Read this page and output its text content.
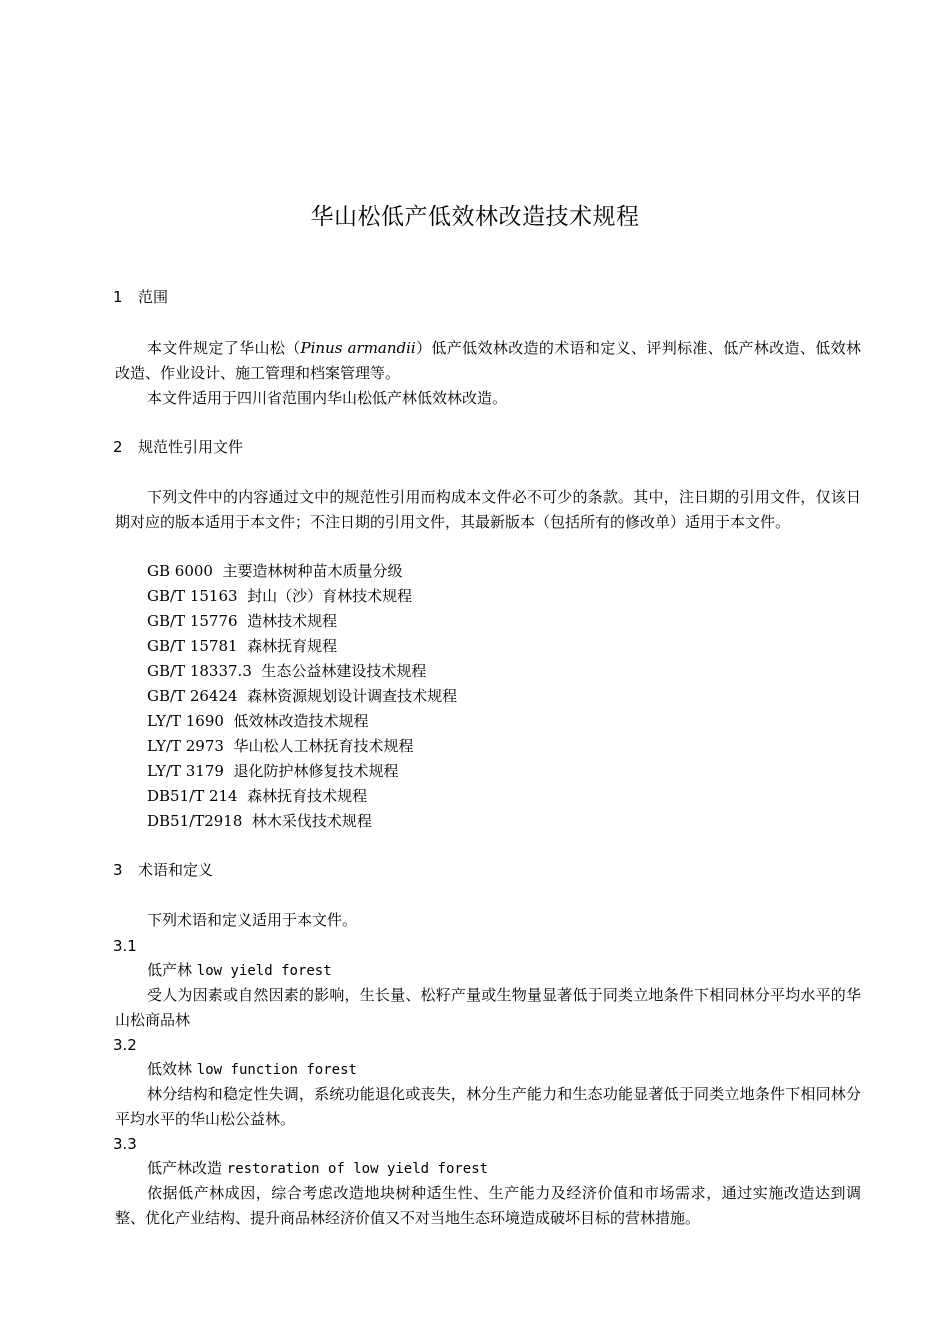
华山松低产低效林改造技术规程
1 范围
本文件规定了华山松（Pinus armandii）低产低效林改造的术语和定义、评判标准、低产林改造、低效林改造、作业设计、施工管理和档案管理等。
本文件适用于四川省范围内华山松低产林低效林改造。
2 规范性引用文件
下列文件中的内容通过文中的规范性引用而构成本文件必不可少的条款。其中，注日期的引用文件，仅该日期对应的版本适用于本文件；不注日期的引用文件，其最新版本（包括所有的修改单）适用于本文件。
GB 6000  主要造林树种苗木质量分级
GB/T 15163  封山（沙）育林技术规程
GB/T 15776  造林技术规程
GB/T 15781  森林抚育规程
GB/T 18337.3  生态公益林建设技术规程
GB/T 26424  森林资源规划设计调查技术规程
LY/T 1690  低效林改造技术规程
LY/T 2973  华山松人工林抚育技术规程
LY/T 3179  退化防护林修复技术规程
DB51/T 214  森林抚育技术规程
DB51/T2918  林木采伐技术规程
3 术语和定义
下列术语和定义适用于本文件。
3.1
低产林 low yield forest
受人为因素或自然因素的影响，生长量、松籽产量或生物量显著低于同类立地条件下相同林分平均水平的华山松商品林
3.2
低效林 low function forest
林分结构和稳定性失调，系统功能退化或丧失，林分生产能力和生态功能显著低于同类立地条件下相同林分平均水平的华山松公益林。
3.3
低产林改造 restoration of low yield forest
依据低产林成因，综合考虑改造地块树种适生性、生产能力及经济价值和市场需求，通过实施改造达到调整、优化产业结构、提升商品林经济价值又不对当地生态环境造成破坏目标的营林措施。
